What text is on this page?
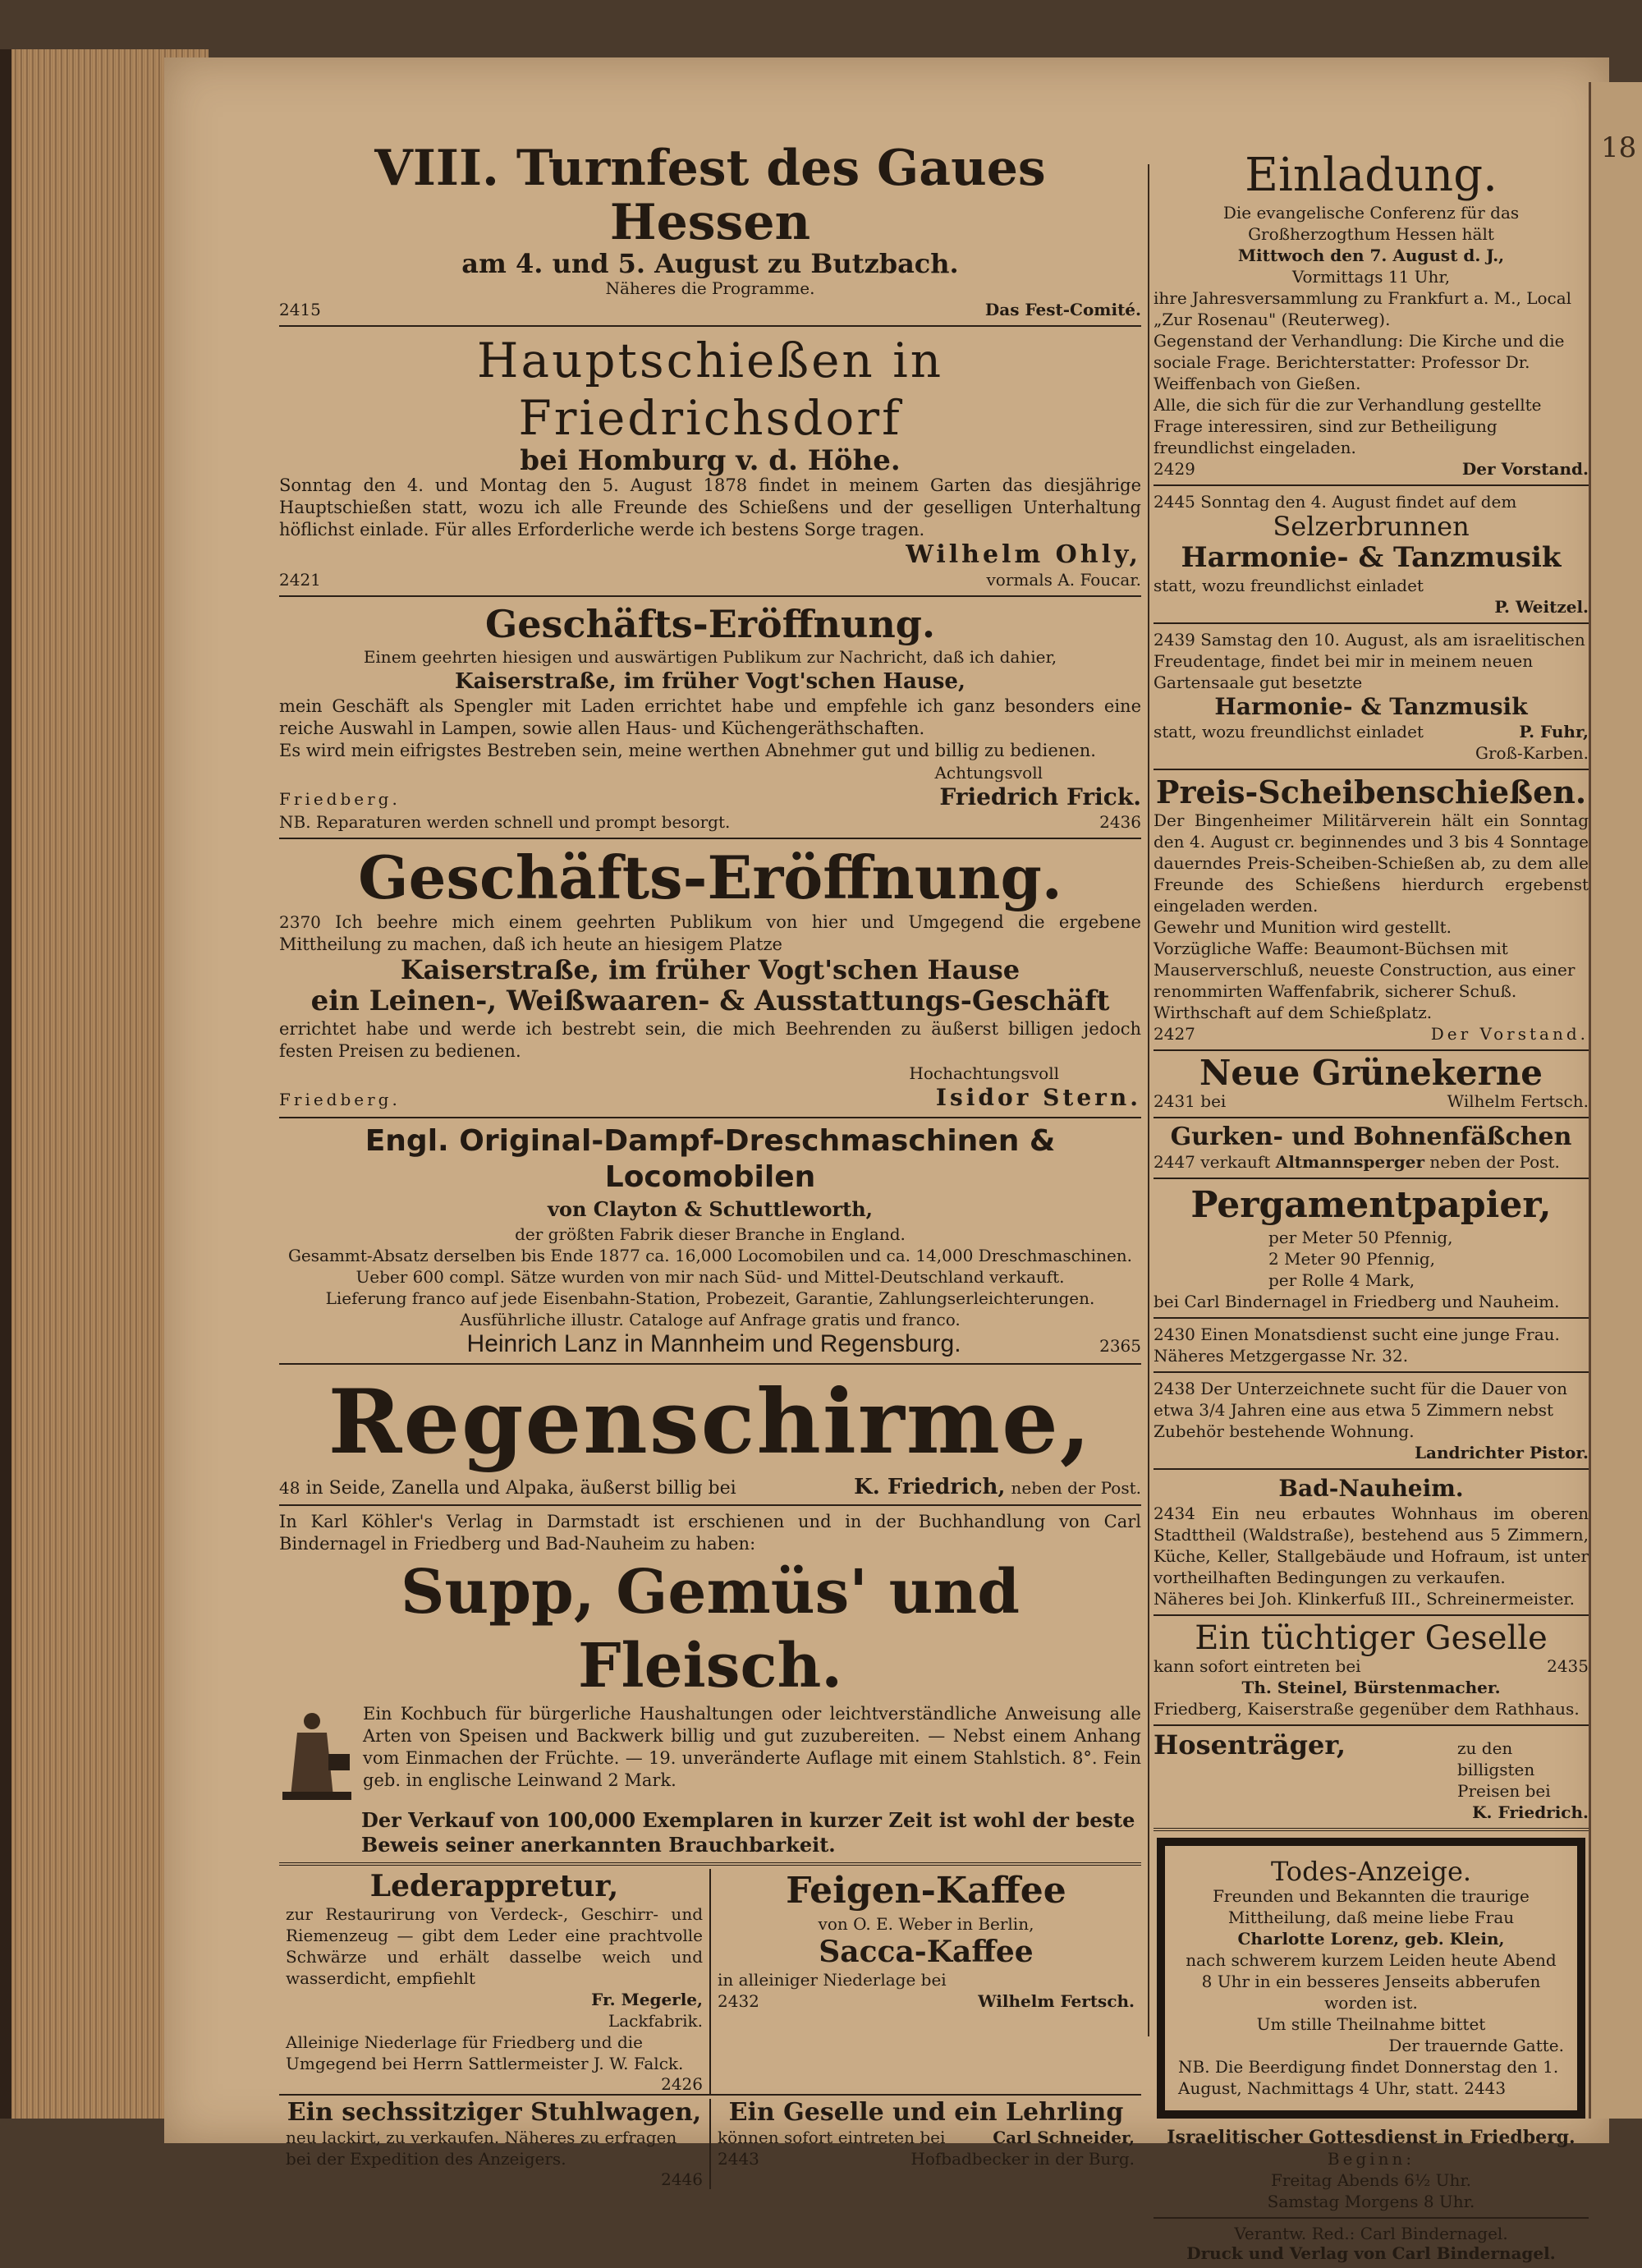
18
VIII. Turnfest des Gaues Hessen
am 4. und 5. August zu Butzbach.
Näheres die Programme.
2415	Das Fest-Comité.
Hauptschießen in Friedrichsdorf
bei Homburg v. d. Höhe.
Sonntag den 4. und Montag den 5. August 1878 findet in meinem Garten das diesjährige Hauptschießen statt, wozu ich alle Freunde des Schießens und der geselligen Unterhaltung höflichst einlade. Für alles Erforderliche werde ich bestens Sorge tragen.
Wilhelm Ohly,
2421	vormals A. Foucar.
Geschäfts-Eröffnung.
Einem geehrten hiesigen und auswärtigen Publikum zur Nachricht, daß ich dahier,
Kaiserstraße, im früher Vogt'schen Hause,
mein Geschäft als Spengler mit Laden errichtet habe und empfehle ich ganz besonders eine reiche Auswahl in Lampen, sowie allen Haus- und Küchengeräthschaften.
Es wird mein eifrigstes Bestreben sein, meine werthen Abnehmer gut und billig zu bedienen.
Achtungsvoll
Friedberg.	Friedrich Frick.
NB. Reparaturen werden schnell und prompt besorgt.	2436
Geschäfts-Eröffnung.
2370 Ich beehre mich einem geehrten Publikum von hier und Umgegend die ergebene Mittheilung zu machen, daß ich heute an hiesigem Platze
Kaiserstraße, im früher Vogt'schen Hause
ein Leinen-, Weißwaaren- & Ausstattungs-Geschäft
errichtet habe und werde ich bestrebt sein, die mich Beehrenden zu äußerst billigen jedoch festen Preisen zu bedienen.
Hochachtungsvoll
Friedberg.	Isidor Stern.
Engl. Original-Dampf-Dreschmaschinen & Locomobilen
von Clayton & Schuttleworth,
der größten Fabrik dieser Branche in England.
Gesammt-Absatz derselben bis Ende 1877 ca. 16,000 Locomobilen und ca. 14,000 Dreschmaschinen.
Ueber 600 compl. Sätze wurden von mir nach Süd- und Mittel-Deutschland verkauft.
Lieferung franco auf jede Eisenbahn-Station, Probezeit, Garantie, Zahlungserleichterungen.
Ausführliche illustr. Cataloge auf Anfrage gratis und franco.
Heinrich Lanz in Mannheim und Regensburg.	2365
Regenschirme,
48 in Seide, Zanella und Alpaka, äußerst billig bei	K. Friedrich, neben der Post.
In Karl Köhler's Verlag in Darmstadt ist erschienen und in der Buchhandlung von Carl Bindernagel in Friedberg und Bad-Nauheim zu haben:
Supp, Gemüs' und Fleisch.
Ein Kochbuch für bürgerliche Haushaltungen oder leichtverständliche Anweisung alle Arten von Speisen und Backwerk billig und gut zuzubereiten. — Nebst einem Anhang vom Einmachen der Früchte. — 19. unveränderte Auflage mit einem Stahlstich. 8°. Fein geb. in englische Leinwand 2 Mark.
Der Verkauf von 100,000 Exemplaren in kurzer Zeit ist wohl der beste Beweis seiner anerkannten Brauchbarkeit.
Lederappretur,
zur Restaurirung von Verdeck-, Geschirr- und Riemenzeug — gibt dem Leder eine prachtvolle Schwärze und erhält dasselbe weich und wasserdicht, empfiehlt
Fr. Megerle,
Lackfabrik.
Alleinige Niederlage für Friedberg und die Umgegend bei Herrn Sattlermeister J. W. Falck.
2426
Feigen-Kaffee
von O. E. Weber in Berlin,
Sacca-Kaffee
in alleiniger Niederlage bei
2432	Wilhelm Fertsch.
Ein sechssitziger Stuhlwagen,
neu lackirt, zu verkaufen. Näheres zu erfragen bei der Expedition des Anzeigers.
2446
Ein Geselle und ein Lehrling
können sofort eintreten bei	Carl Schneider,
2443	Hofbadbecker in der Burg.
Einladung.
Die evangelische Conferenz für das Großherzogthum Hessen hält
Mittwoch den 7. August d. J.,
Vormittags 11 Uhr,
ihre Jahresversammlung zu Frankfurt a. M., Local „Zur Rosenau" (Reuterweg).
Gegenstand der Verhandlung: Die Kirche und die sociale Frage. Berichterstatter: Professor Dr. Weiffenbach von Gießen.
Alle, die sich für die zur Verhandlung gestellte Frage interessiren, sind zur Betheiligung freundlichst eingeladen.
2429	Der Vorstand.
2445 Sonntag den 4. August findet auf dem
Selzerbrunnen
Harmonie- & Tanzmusik
statt, wozu freundlichst einladet
P. Weitzel.
2439 Samstag den 10. August, als am israelitischen Freudentage, findet bei mir in meinem neuen Gartensaale gut besetzte
Harmonie- & Tanzmusik
statt, wozu freundlichst einladet	P. Fuhr,
Groß-Karben.
Preis-Scheibenschießen.
Der Bingenheimer Militärverein hält ein Sonntag den 4. August cr. beginnendes und 3 bis 4 Sonntage dauerndes Preis-Scheiben-Schießen ab, zu dem alle Freunde des Schießens hierdurch ergebenst eingeladen werden.
Gewehr und Munition wird gestellt.
Vorzügliche Waffe: Beaumont-Büchsen mit Mauserverschluß, neueste Construction, aus einer renommirten Waffenfabrik, sicherer Schuß.
Wirthschaft auf dem Schießplatz.
2427	Der Vorstand.
Neue Grünekerne
2431 bei	Wilhelm Fertsch.
Gurken- und Bohnenfäßchen
2447 verkauft Altmannsperger neben der Post.
Pergamentpapier,
per Meter 50 Pfennig,
2 Meter 90 Pfennig,
per Rolle 4 Mark,
bei Carl Bindernagel in Friedberg und Nauheim.
2430 Einen Monatsdienst sucht eine junge Frau. Näheres Metzgergasse Nr. 32.
2438 Der Unterzeichnete sucht für die Dauer von etwa 3/4 Jahren eine aus etwa 5 Zimmern nebst Zubehör bestehende Wohnung.
Landrichter Pistor.
Bad-Nauheim.
2434 Ein neu erbautes Wohnhaus im oberen Stadttheil (Waldstraße), bestehend aus 5 Zimmern, Küche, Keller, Stallgebäude und Hofraum, ist unter vortheilhaften Bedingungen zu verkaufen.
Näheres bei Joh. Klinkerfuß III., Schreinermeister.
Ein tüchtiger Geselle
kann sofort eintreten bei	2435
Th. Steinel, Bürstenmacher.
Friedberg, Kaiserstraße gegenüber dem Rathhaus.
Hosenträger,	zu den billigsten Preisen bei
K. Friedrich.
Todes-Anzeige.
Freunden und Bekannten die traurige Mittheilung, daß meine liebe Frau
Charlotte Lorenz, geb. Klein,
nach schwerem kurzem Leiden heute Abend 8 Uhr in ein besseres Jenseits abberufen worden ist.
Um stille Theilnahme bittet
Der trauernde Gatte.
NB. Die Beerdigung findet Donnerstag den 1. August, Nachmittags 4 Uhr, statt. 2443
Israelitischer Gottesdienst in Friedberg.
Beginn:
Freitag Abends 6½ Uhr.
Samstag Morgens 8 Uhr.
Verantw. Red.: Carl Bindernagel.
Druck und Verlag von Carl Bindernagel.
